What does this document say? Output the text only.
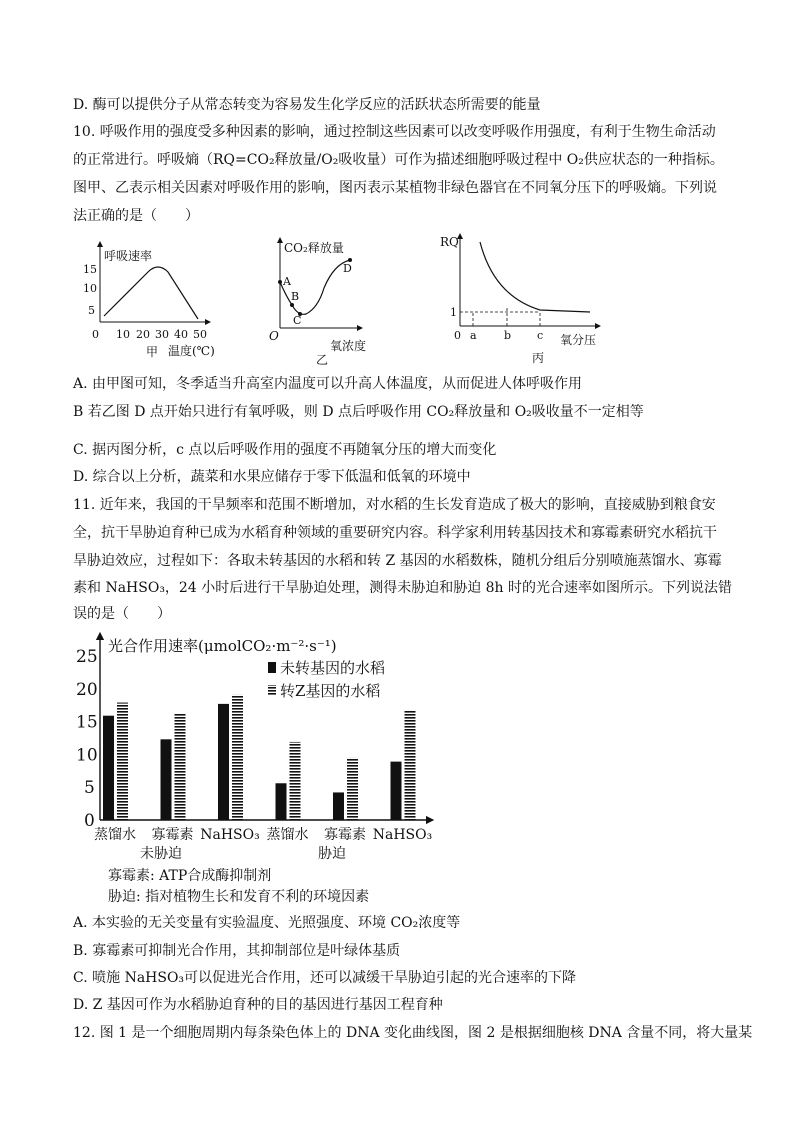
D. 酶可以提供分子从常态转变为容易发生化学反应的活跃状态所需要的能量
10. 呼吸作用的强度受多种因素的影响，通过控制这些因素可以改变呼吸作用强度，有利于生物生命活动
的正常进行。呼吸熵（RQ=CO₂释放量/O₂吸收量）可作为描述细胞呼吸过程中 O₂供应状态的一种指标。
图甲、乙表示相关因素对呼吸作用的影响，图丙表示某植物非绿色器官在不同氧分压下的呼吸熵。下列说
法正确的是（　　）
呼吸速率
15
10
5
0 10 20 30 40 50
甲 温度(℃)
CO₂释放量
O
A
B
C
D
氧浓度
乙
RQ
0
1
a b c 氧分压
丙
A. 由甲图可知，冬季适当升高室内温度可以升高人体温度，从而促进人体呼吸作用
B 若乙图 D 点开始只进行有氧呼吸，则 D 点后呼吸作用 CO₂释放量和 O₂吸收量不一定相等
C. 据丙图分析，c 点以后呼吸作用的强度不再随氧分压的增大而变化
D. 综合以上分析，蔬菜和水果应储存于零下低温和低氧的环境中
11. 近年来，我国的干旱频率和范围不断增加，对水稻的生长发育造成了极大的影响，直接威胁到粮食安
全，抗干旱胁迫育种已成为水稻育种领域的重要研究内容。科学家利用转基因技术和寡霉素研究水稻抗干
旱胁迫效应，过程如下：各取未转基因的水稻和转 Z 基因的水稻数株，随机分组后分别喷施蒸馏水、寡霉
素和 NaHSO₃，24 小时后进行干旱胁迫处理，测得未胁迫和胁迫 8h 时的光合速率如图所示。下列说法错
误的是（　　）
光合作用速率(μmolCO₂·m⁻²·s⁻¹)
0
5
10
15
20
25
蒸馏水 寡霉素 NaHSO₃ 蒸馏水 寡霉素 NaHSO₃
未转基因的水稻
转Z基因的水稻
未胁迫	胁迫
寡霉素: ATP合成酶抑制剂
胁迫: 指对植物生长和发育不利的环境因素
A. 本实验的无关变量有实验温度、光照强度、环境 CO₂浓度等
B. 寡霉素可抑制光合作用，其抑制部位是叶绿体基质
C. 喷施 NaHSO₃可以促进光合作用，还可以减缓干旱胁迫引起的光合速率的下降
D. Z 基因可作为水稻胁迫育种的目的基因进行基因工程育种
12. 图 1 是一个细胞周期内每条染色体上的 DNA 变化曲线图，图 2 是根据细胞核 DNA 含量不同，将大量某
